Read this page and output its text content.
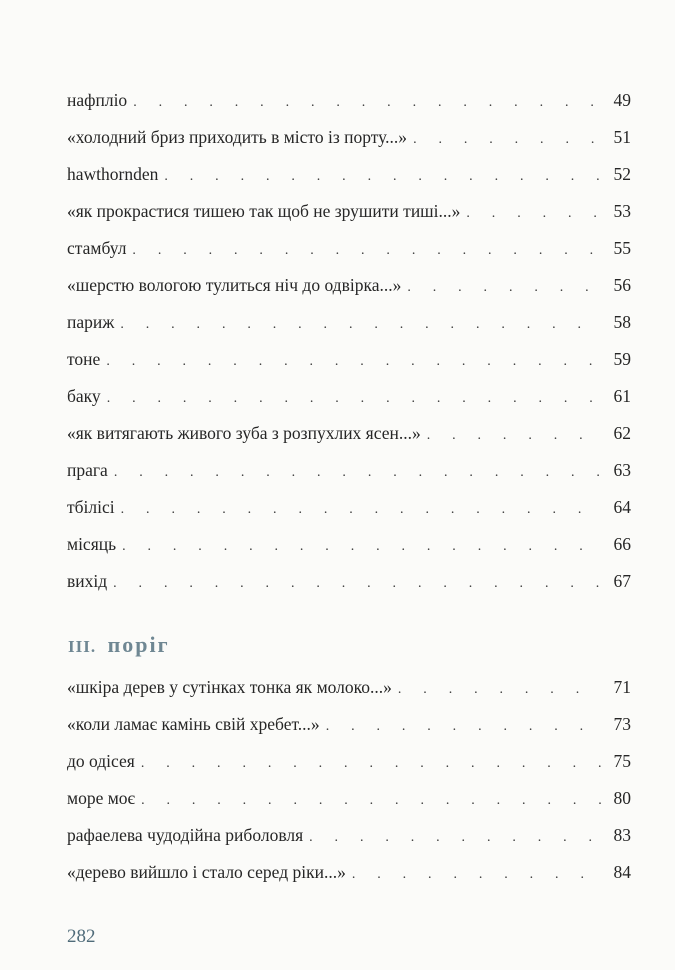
нафпліо . . .	49
«холодний бриз приходить в місто із порту...» . . .	51
hawthornden . . .	52
«як прокрастися тишею так щоб не зрушити тиші...» . . .	53
стамбул . . .	55
«шерстю вологою тулиться ніч до одвірка...» . . .	56
париж . . .	58
тоне . . .	59
баку . . .	61
«як витягають живого зуба з розпухлих ясен...» . . .	62
прага . . .	63
тбілісі . . .	64
місяць . . .	66
вихід . . .	67
III. поріг
«шкіра дерев у сутінках тонка як молоко...» . . .	71
«коли ламає камінь свій хребет...» . . .	73
до одісея . . .	75
море моє . . .	80
рафаелева чудодійна риболовля . . .	83
«дерево вийшло і стало серед ріки...» . . .	84

282
